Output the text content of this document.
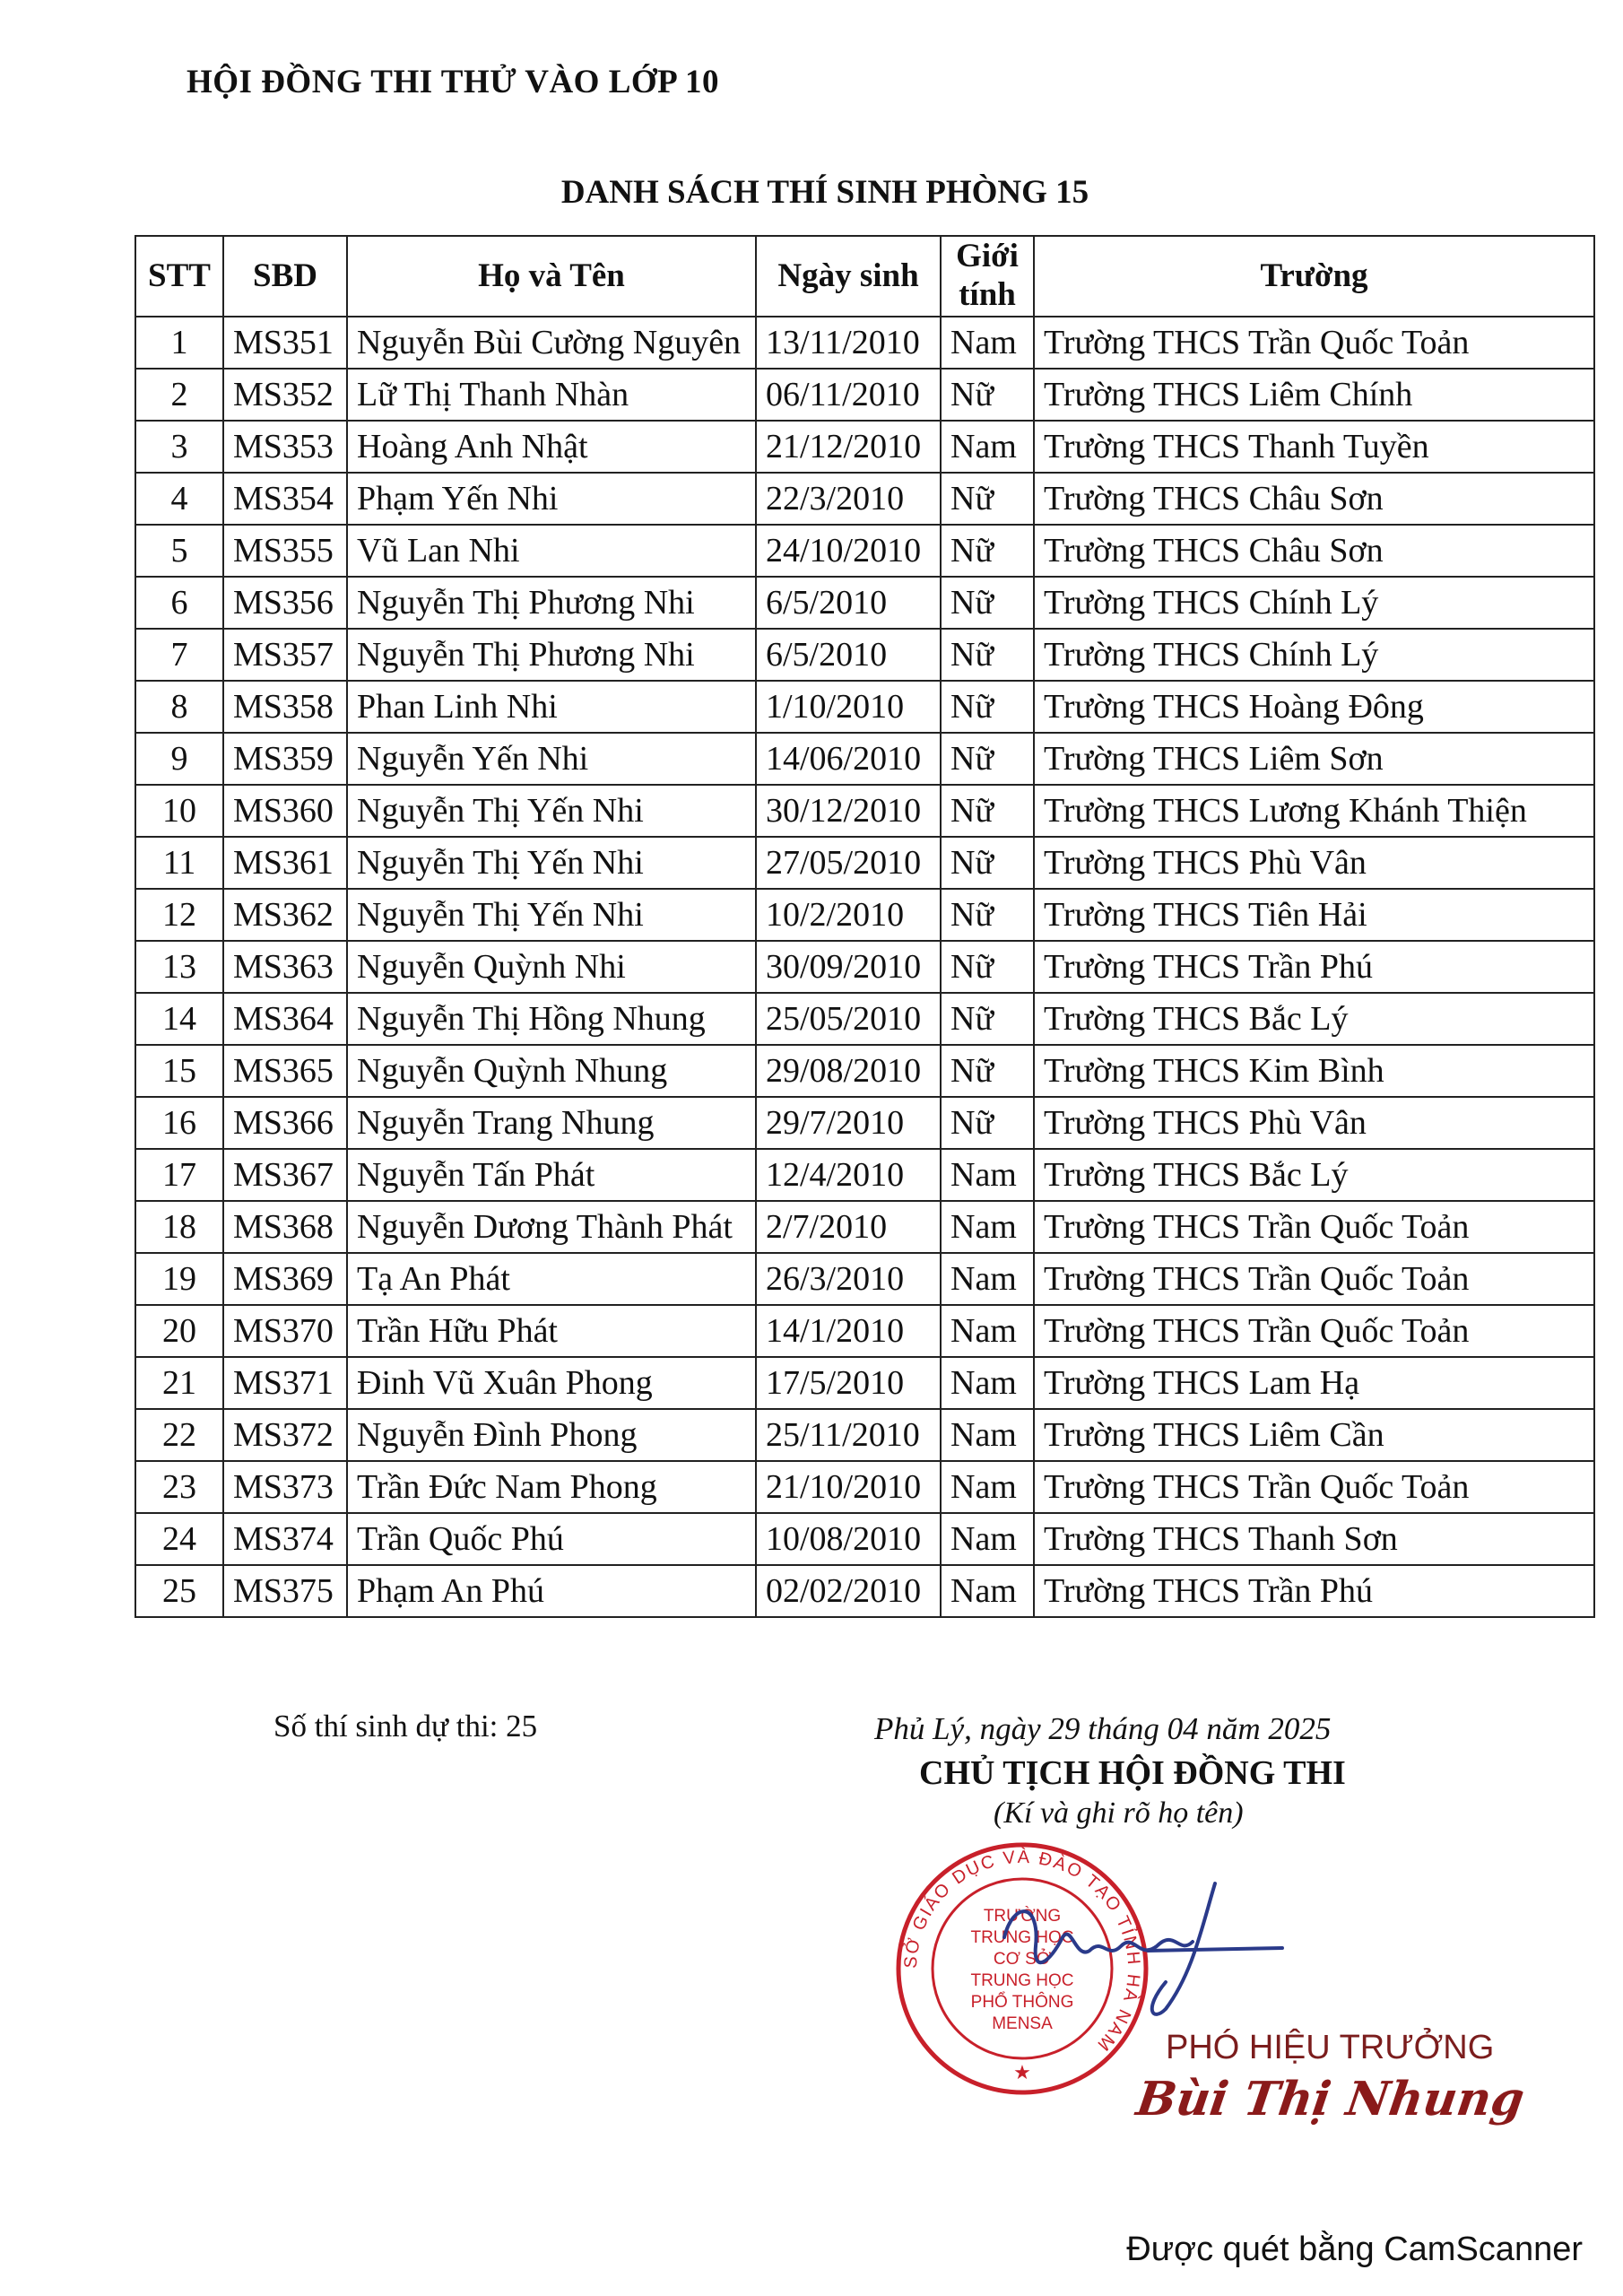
HỘI ĐỒNG THI THỬ VÀO LỚP 10
DANH SÁCH THÍ SINH PHÒNG 15
STT	SBD	Họ và Tên	Ngày sinh	Giới tính	Trường
1	MS351	Nguyễn Bùi Cường Nguyên	13/11/2010	Nam	Trường THCS Trần Quốc Toản
2	MS352	Lữ Thị Thanh Nhàn	06/11/2010	Nữ	Trường THCS Liêm Chính
3	MS353	Hoàng Anh Nhật	21/12/2010	Nam	Trường THCS Thanh Tuyền
4	MS354	Phạm Yến Nhi	22/3/2010	Nữ	Trường THCS Châu Sơn
5	MS355	Vũ Lan Nhi	24/10/2010	Nữ	Trường THCS Châu Sơn
6	MS356	Nguyễn Thị Phương Nhi	6/5/2010	Nữ	Trường THCS Chính Lý
7	MS357	Nguyễn Thị Phương Nhi	6/5/2010	Nữ	Trường THCS Chính Lý
8	MS358	Phan Linh Nhi	1/10/2010	Nữ	Trường THCS Hoàng Đông
9	MS359	Nguyễn Yến Nhi	14/06/2010	Nữ	Trường THCS Liêm Sơn
10	MS360	Nguyễn Thị Yến Nhi	30/12/2010	Nữ	Trường THCS Lương Khánh Thiện
11	MS361	Nguyễn Thị Yến Nhi	27/05/2010	Nữ	Trường THCS Phù Vân
12	MS362	Nguyễn Thị Yến Nhi	10/2/2010	Nữ	Trường THCS Tiên Hải
13	MS363	Nguyễn Quỳnh Nhi	30/09/2010	Nữ	Trường THCS Trần Phú
14	MS364	Nguyễn Thị Hồng Nhung	25/05/2010	Nữ	Trường THCS Bắc Lý
15	MS365	Nguyễn Quỳnh Nhung	29/08/2010	Nữ	Trường THCS Kim Bình
16	MS366	Nguyễn Trang Nhung	29/7/2010	Nữ	Trường THCS Phù Vân
17	MS367	Nguyễn Tấn Phát	12/4/2010	Nam	Trường THCS Bắc Lý
18	MS368	Nguyễn Dương Thành Phát	2/7/2010	Nam	Trường THCS Trần Quốc Toản
19	MS369	Tạ An Phát	26/3/2010	Nam	Trường THCS Trần Quốc Toản
20	MS370	Trần Hữu Phát	14/1/2010	Nam	Trường THCS Trần Quốc Toản
21	MS371	Đinh Vũ Xuân Phong	17/5/2010	Nam	Trường THCS Lam Hạ
22	MS372	Nguyễn Đình Phong	25/11/2010	Nam	Trường THCS Liêm Cần
23	MS373	Trần Đức Nam Phong	21/10/2010	Nam	Trường THCS Trần Quốc Toản
24	MS374	Trần Quốc Phú	10/08/2010	Nam	Trường THCS Thanh Sơn
25	MS375	Phạm An Phú	02/02/2010	Nam	Trường THCS Trần Phú
Số thí sinh dự thi: 25	Phủ Lý, ngày 29 tháng 04 năm 2025
CHỦ TỊCH HỘI ĐỒNG THI
(Kí và ghi rõ họ tên)
SỞ GIÁO DỤC VÀ ĐÀO TẠO TỈNH HÀ NAM
TRƯỜNG
TRUNG HỌC
CƠ SỞ
TRUNG HỌC
PHỔ THÔNG
MENSA
★
PHÓ HIỆU TRƯỞNG
Bùi Thị Nhung
Được quét bằng CamScanner
